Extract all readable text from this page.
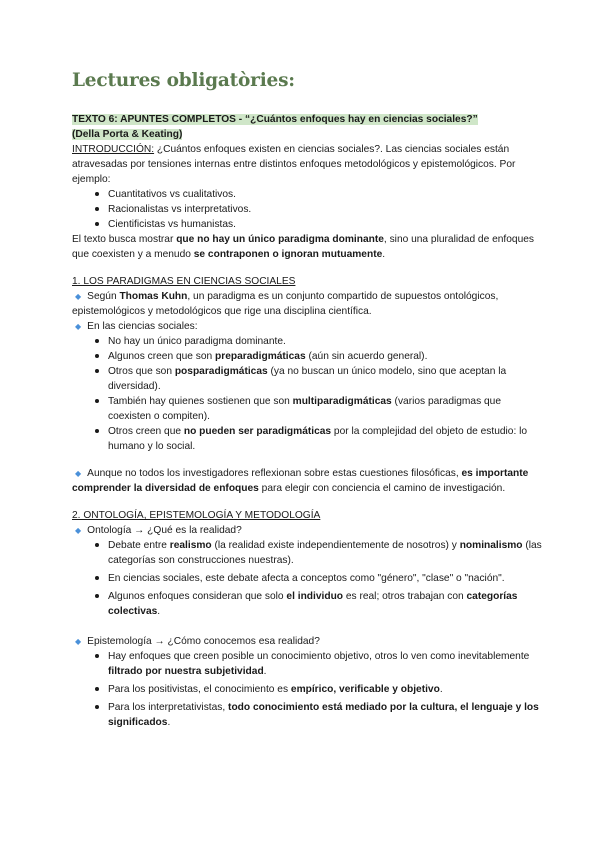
Lectures obligatòries:

TEXTO 6: APUNTES COMPLETOS - “¿Cuántos enfoques hay en ciencias sociales?”
(Della Porta & Keating)

INTRODUCCIÓN: ¿Cuántos enfoques existen en ciencias sociales?. Las ciencias sociales están atravesadas por tensiones internas entre distintos enfoques metodológicos y epistemológicos. Por ejemplo:

Cuantitativos vs cualitativos.
Racionalistas vs interpretativos.
Cientificistas vs humanistas.

El texto busca mostrar que no hay un único paradigma dominante, sino una pluralidad de enfoques que coexisten y a menudo se contraponen o ignoran mutuamente.

1. LOS PARADIGMAS EN CIENCIAS SOCIALES

◆ Según Thomas Kuhn, un paradigma es un conjunto compartido de supuestos ontológicos, epistemológicos y metodológicos que rige una disciplina científica.

◆ En las ciencias sociales:

No hay un único paradigma dominante.
Algunos creen que son preparadigmáticas (aún sin acuerdo general).
Otros que son posparadigmáticas (ya no buscan un único modelo, sino que aceptan la diversidad).
También hay quienes sostienen que son multiparadigmáticas (varios paradigmas que coexisten o compiten).
Otros creen que no pueden ser paradigmáticas por la complejidad del objeto de estudio: lo humano y lo social.

◆ Aunque no todos los investigadores reflexionan sobre estas cuestiones filosóficas, es importante comprender la diversidad de enfoques para elegir con conciencia el camino de investigación.

2. ONTOLOGÍA, EPISTEMOLOGÍA Y METODOLOGÍA

◆ Ontología → ¿Qué es la realidad?

Debate entre realismo (la realidad existe independientemente de nosotros) y nominalismo (las categorías son construcciones nuestras).
En ciencias sociales, este debate afecta a conceptos como "género", "clase" o "nación".
Algunos enfoques consideran que solo el individuo es real; otros trabajan con categorías colectivas.

◆ Epistemología → ¿Cómo conocemos esa realidad?

Hay enfoques que creen posible un conocimiento objetivo, otros lo ven como inevitablemente filtrado por nuestra subjetividad.
Para los positivistas, el conocimiento es empírico, verificable y objetivo.
Para los interpretativistas, todo conocimiento está mediado por la cultura, el lenguaje y los significados.
